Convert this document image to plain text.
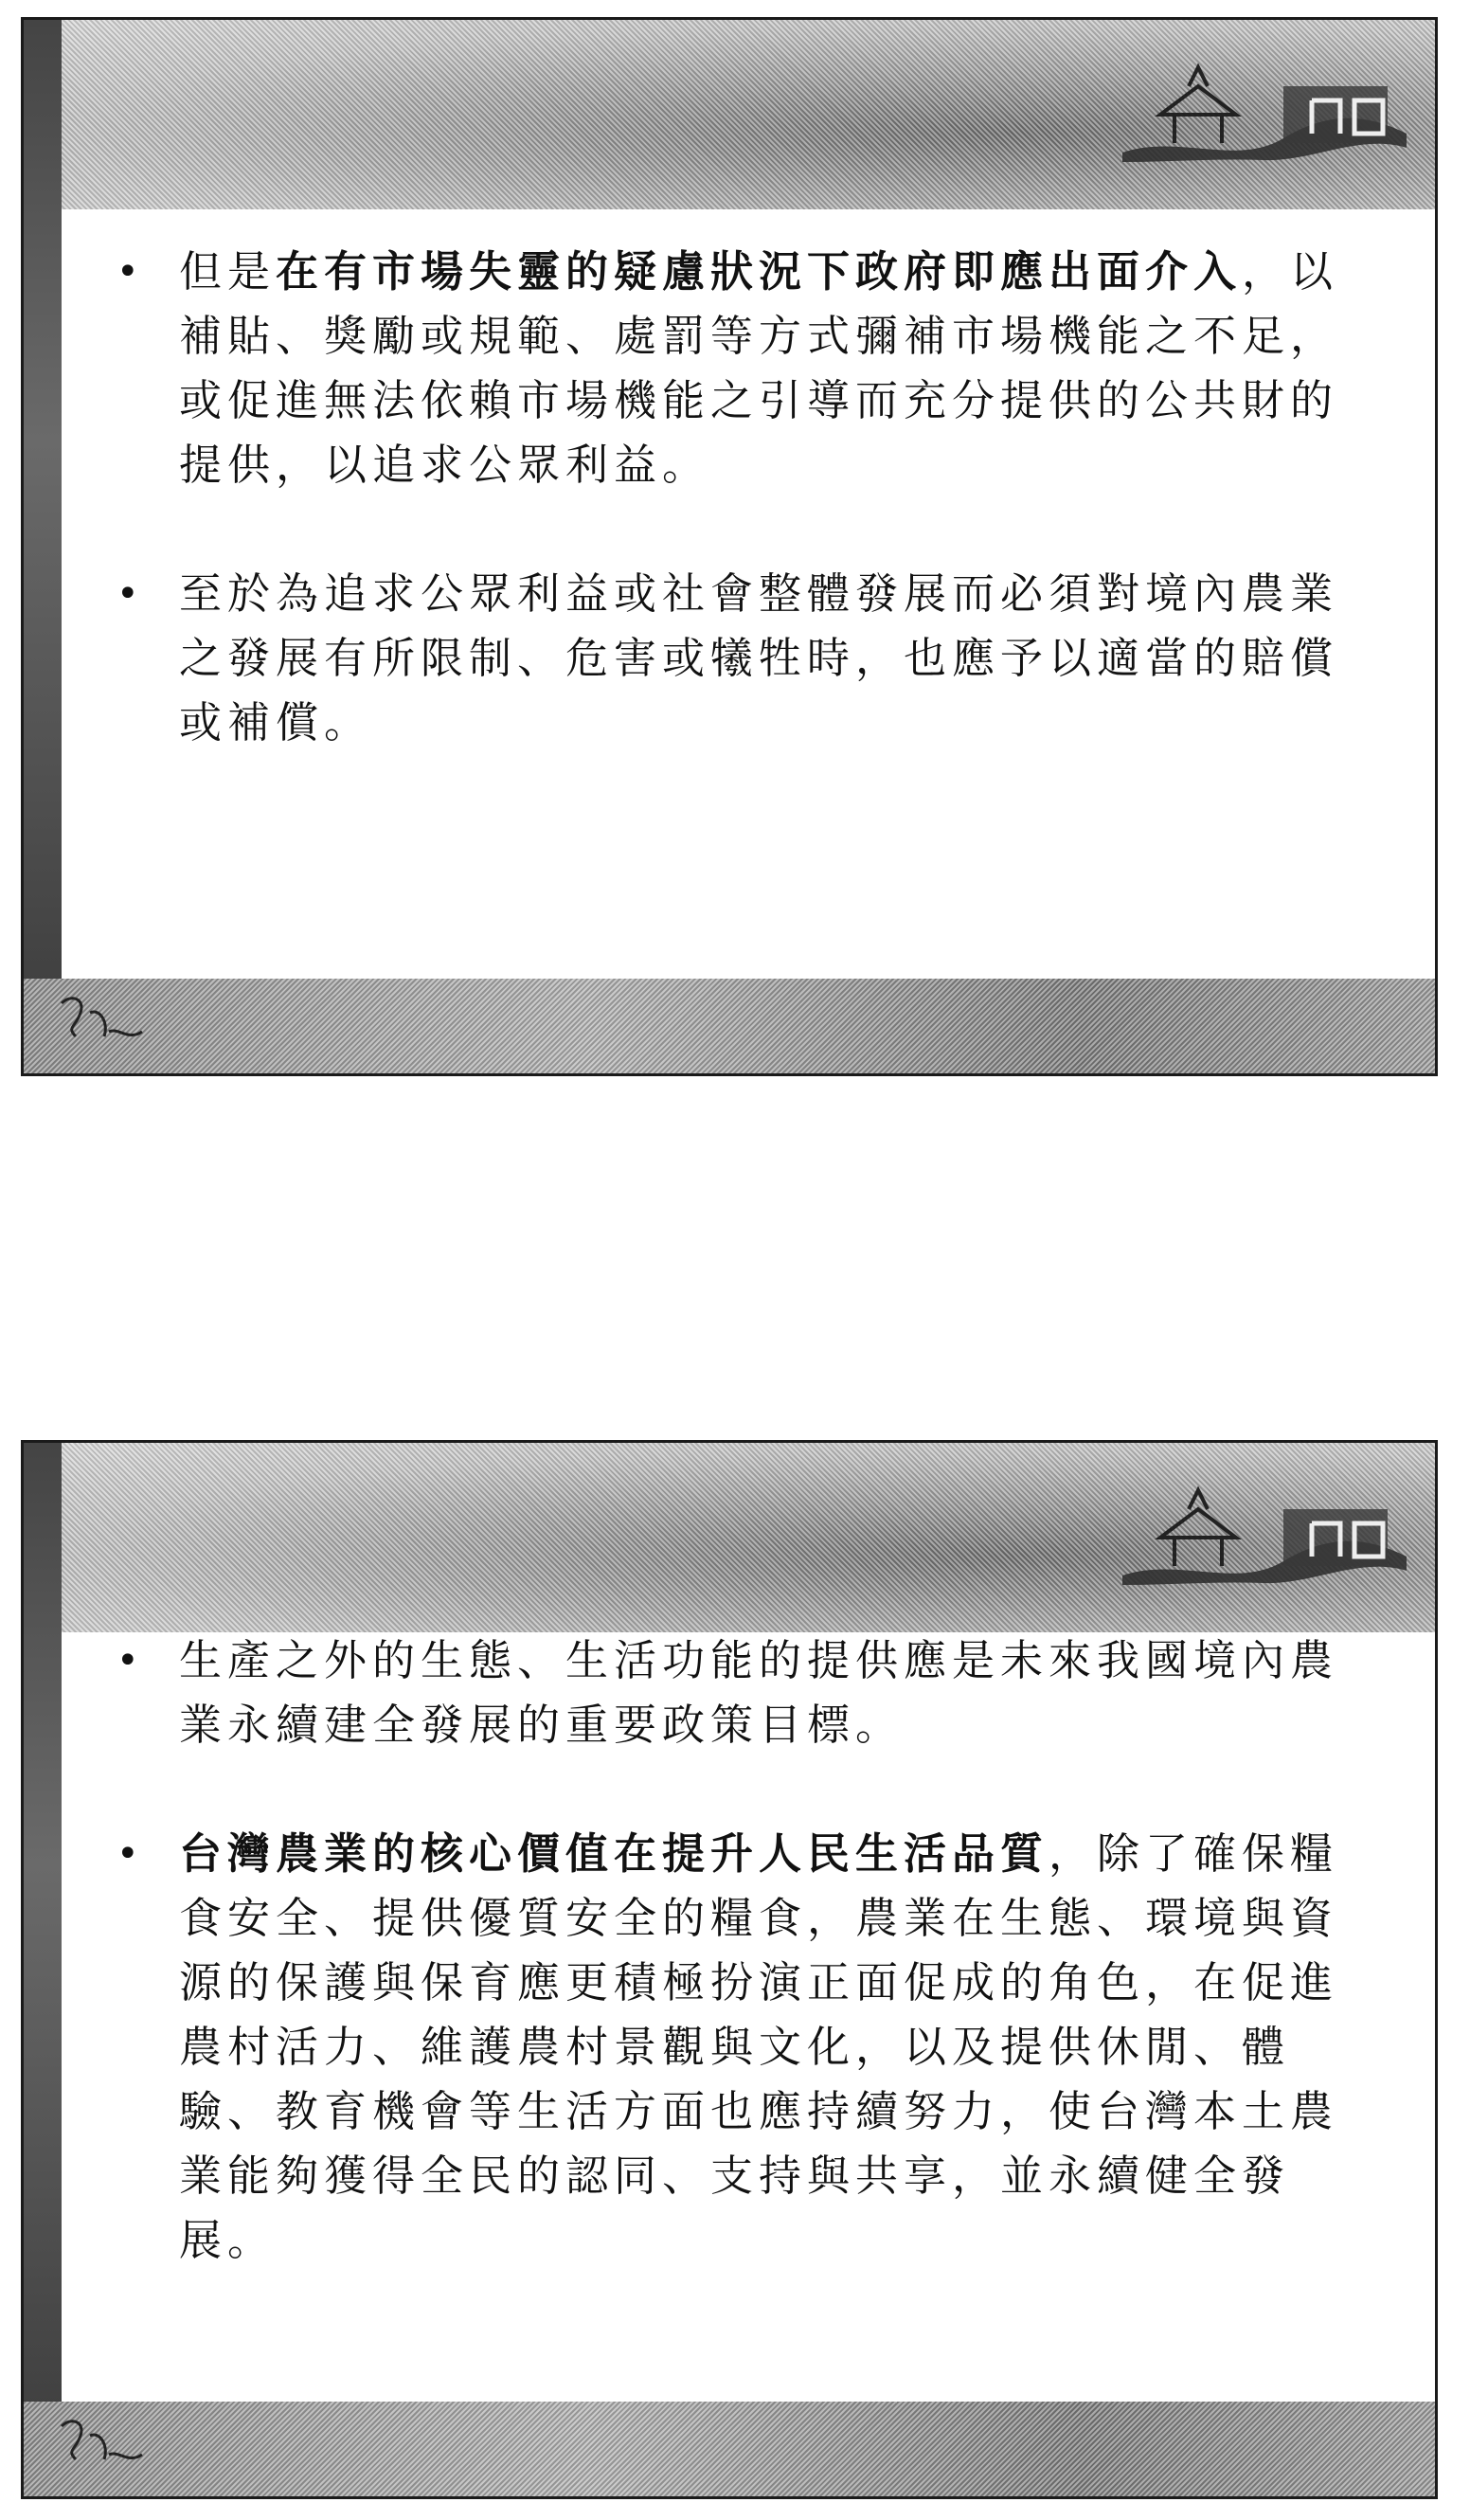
• 但是在有市場失靈的疑慮狀況下政府即應出面介入，以補貼、獎勵或規範、處罰等方式彌補市場機能之不足，或促進無法依賴市場機能之引導而充分提供的公共財的提供，以追求公眾利益。
• 至於為追求公眾利益或社會整體發展而必須對境內農業之發展有所限制、危害或犧牲時，也應予以適當的賠償或補償。
• 生產之外的生態、生活功能的提供應是未來我國境內農業永續建全發展的重要政策目標。
• 台灣農業的核心價值在提升人民生活品質，除了確保糧食安全、提供優質安全的糧食，農業在生態、環境與資源的保護與保育應更積極扮演正面促成的角色，在促進農村活力、維護農村景觀與文化，以及提供休閒、體驗、教育機會等生活方面也應持續努力，使台灣本土農業能夠獲得全民的認同、支持與共享，並永續健全發展。
